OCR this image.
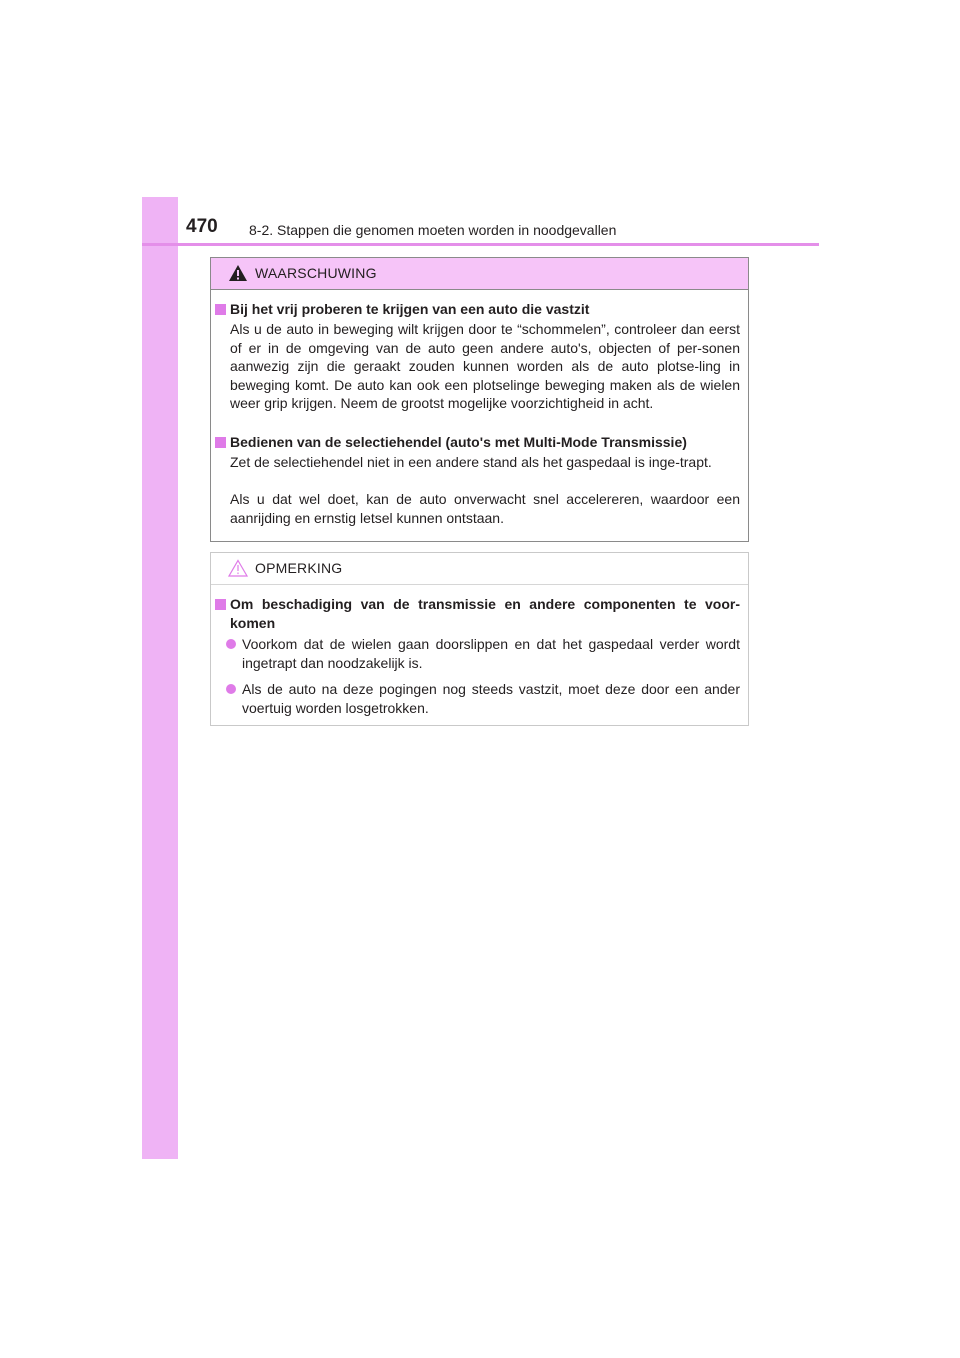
470 8-2. Stappen die genomen moeten worden in noodgevallen
WAARSCHUWING
Bij het vrij proberen te krijgen van een auto die vastzit
Als u de auto in beweging wilt krijgen door te “schommelen”, controleer dan eerst of er in de omgeving van de auto geen andere auto's, objecten of per-sonen aanwezig zijn die geraakt zouden kunnen worden als de auto plotse-ling in beweging komt. De auto kan ook een plotselinge beweging maken als de wielen weer grip krijgen. Neem de grootst mogelijke voorzichtigheid in acht.
Bedienen van de selectiehendel (auto's met Multi-Mode Transmissie)
Zet de selectiehendel niet in een andere stand als het gaspedaal is inge-trapt.
Als u dat wel doet, kan de auto onverwacht snel accelereren, waardoor een aanrijding en ernstig letsel kunnen ontstaan.
OPMERKING
Om beschadiging van de transmissie en andere componenten te voor-komen
Voorkom dat de wielen gaan doorslippen en dat het gaspedaal verder wordt ingetrapt dan noodzakelijk is.
Als de auto na deze pogingen nog steeds vastzit, moet deze door een ander voertuig worden losgetrokken.
